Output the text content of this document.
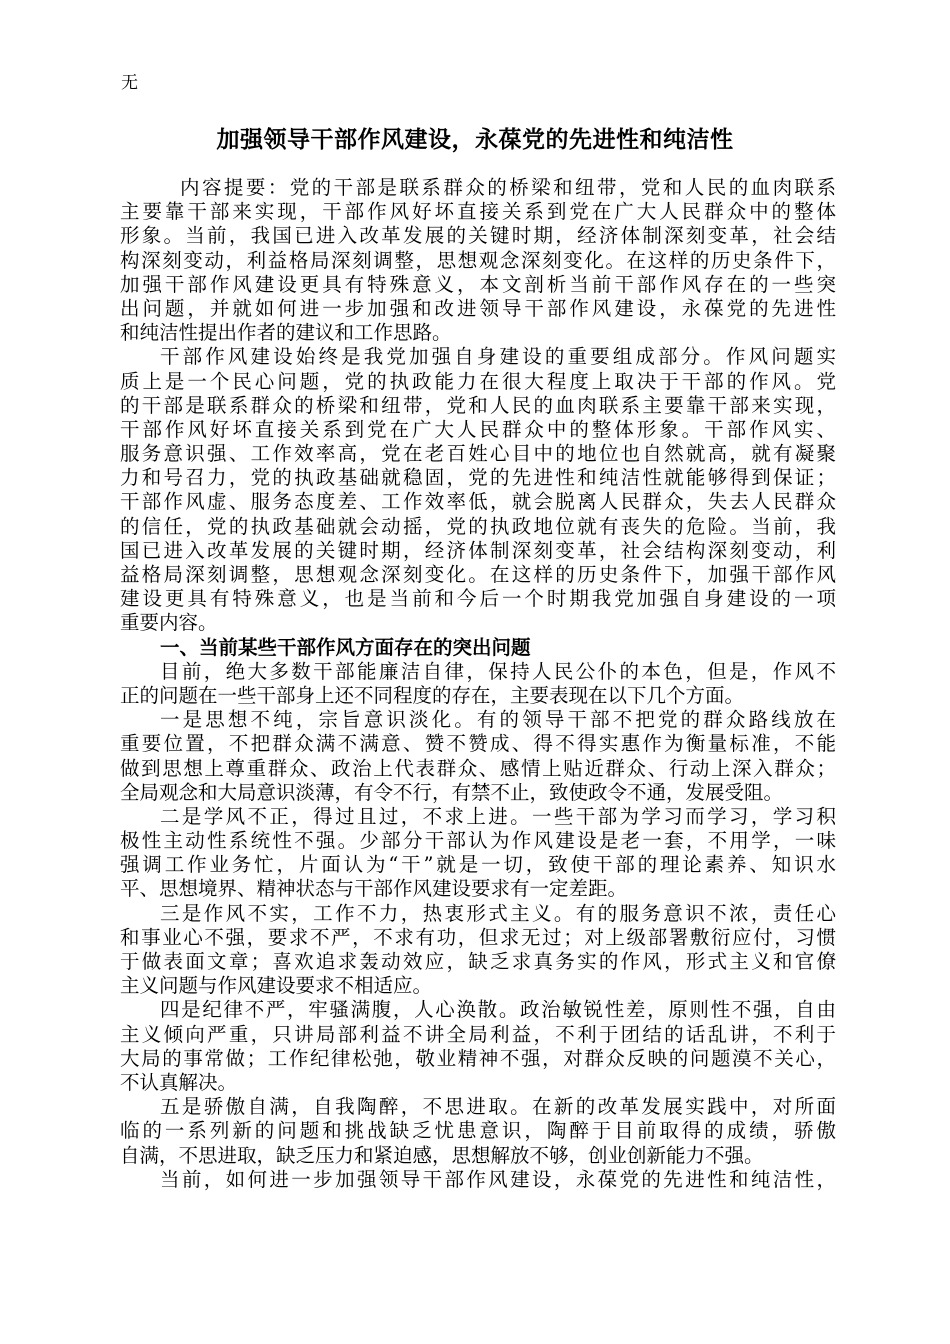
无
加强领导干部作风建设，永葆党的先进性和纯洁性
内容提要：党的干部是联系群众的桥梁和纽带，党和人民的血肉联系
主要靠干部来实现，干部作风好坏直接关系到党在广大人民群众中的整体
形象。当前，我国已进入改革发展的关键时期，经济体制深刻变革，社会结
构深刻变动，利益格局深刻调整，思想观念深刻变化。在这样的历史条件下，
加强干部作风建设更具有特殊意义，本文剖析当前干部作风存在的一些突
出问题，并就如何进一步加强和改进领导干部作风建设，永葆党的先进性
和纯洁性提出作者的建议和工作思路。
干部作风建设始终是我党加强自身建设的重要组成部分。作风问题实
质上是一个民心问题，党的执政能力在很大程度上取决于干部的作风。党
的干部是联系群众的桥梁和纽带，党和人民的血肉联系主要靠干部来实现，
干部作风好坏直接关系到党在广大人民群众中的整体形象。干部作风实、
服务意识强、工作效率高，党在老百姓心目中的地位也自然就高，就有凝聚
力和号召力，党的执政基础就稳固，党的先进性和纯洁性就能够得到保证；
干部作风虚、服务态度差、工作效率低，就会脱离人民群众，失去人民群众
的信任，党的执政基础就会动摇，党的执政地位就有丧失的危险。当前，我
国已进入改革发展的关键时期，经济体制深刻变革，社会结构深刻变动，利
益格局深刻调整，思想观念深刻变化。在这样的历史条件下，加强干部作风
建设更具有特殊意义，也是当前和今后一个时期我党加强自身建设的一项
重要内容。
一、当前某些干部作风方面存在的突出问题
目前，绝大多数干部能廉洁自律，保持人民公仆的本色，但是，作风不
正的问题在一些干部身上还不同程度的存在，主要表现在以下几个方面。
一是思想不纯，宗旨意识淡化。有的领导干部不把党的群众路线放在
重要位置，不把群众满不满意、赞不赞成、得不得实惠作为衡量标准，不能
做到思想上尊重群众、政治上代表群众、感情上贴近群众、行动上深入群众；
全局观念和大局意识淡薄，有令不行，有禁不止，致使政令不通，发展受阻。
二是学风不正，得过且过，不求上进。一些干部为学习而学习，学习积
极性主动性系统性不强。少部分干部认为作风建设是老一套，不用学，一味
强调工作业务忙，片面认为“干”就是一切，致使干部的理论素养、知识水
平、思想境界、精神状态与干部作风建设要求有一定差距。
三是作风不实，工作不力，热衷形式主义。有的服务意识不浓，责任心
和事业心不强，要求不严，不求有功，但求无过；对上级部署敷衍应付，习惯
于做表面文章；喜欢追求轰动效应，缺乏求真务实的作风，形式主义和官僚
主义问题与作风建设要求不相适应。
四是纪律不严，牢骚满腹，人心涣散。政治敏锐性差，原则性不强，自由
主义倾向严重，只讲局部利益不讲全局利益，不利于团结的话乱讲，不利于
大局的事常做；工作纪律松弛，敬业精神不强，对群众反映的问题漠不关心，
不认真解决。
五是骄傲自满，自我陶醉，不思进取。在新的改革发展实践中，对所面
临的一系列新的问题和挑战缺乏忧患意识，陶醉于目前取得的成绩，骄傲
自满，不思进取，缺乏压力和紧迫感，思想解放不够，创业创新能力不强。
当前，如何进一步加强领导干部作风建设，永葆党的先进性和纯洁性，
